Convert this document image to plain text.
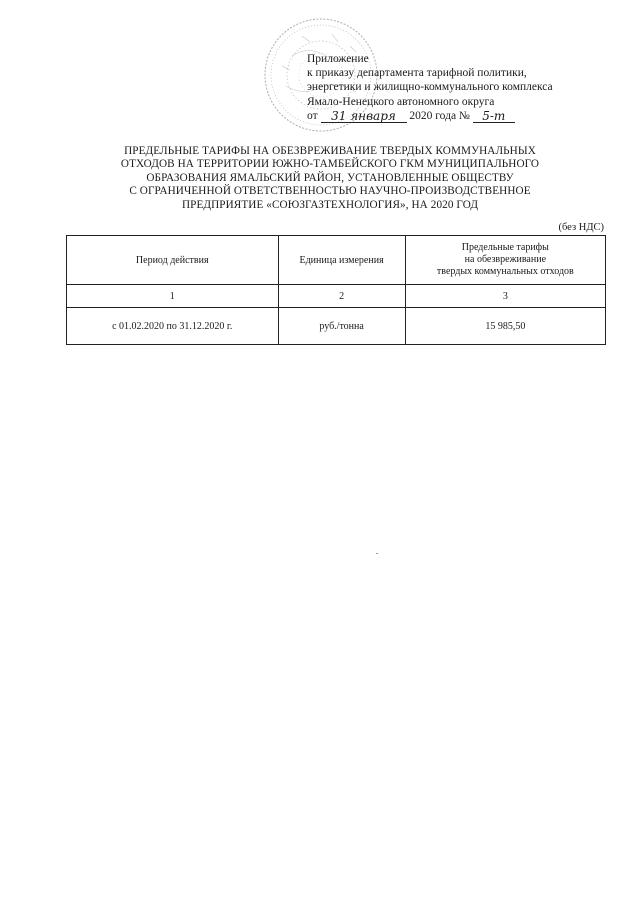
Приложение
к приказу департамента тарифной политики,
энергетики и жилищно-коммунального комплекса
Ямало-Ненецкого автономного округа
от 31 января 2020 года № 5-т
ПРЕДЕЛЬНЫЕ ТАРИФЫ НА ОБЕЗВРЕЖИВАНИЕ ТВЕРДЫХ КОММУНАЛЬНЫХ
ОТХОДОВ НА ТЕРРИТОРИИ ЮЖНО-ТАМБЕЙСКОГО ГКМ МУНИЦИПАЛЬНОГО
ОБРАЗОВАНИЯ ЯМАЛЬСКИЙ РАЙОН, УСТАНОВЛЕННЫЕ ОБЩЕСТВУ
С ОГРАНИЧЕННОЙ ОТВЕТСТВЕННОСТЬЮ НАУЧНО-ПРОИЗВОДСТВЕННОЕ
ПРЕДПРИЯТИЕ «СОЮЗГАЗТЕХНОЛОГИЯ», НА 2020 ГОД
(без НДС)
Период действия	Единица измерения	Предельные тарифы
на обезвреживание
твердых коммунальных отходов

1	2	3
с 01.02.2020 по 31.12.2020 г.	руб./тонна	15 985,50
